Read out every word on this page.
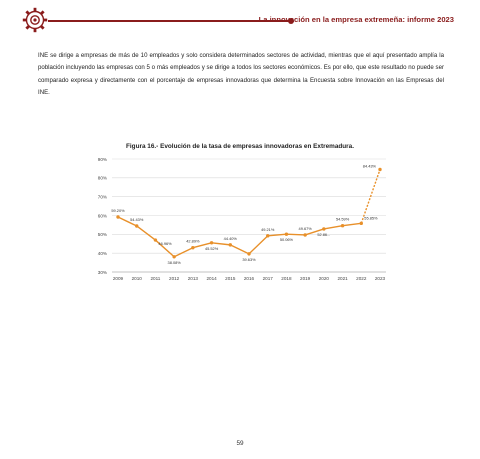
La innovación en la empresa extremeña: informe 2023
INE se dirige a empresas de más de 10 empleados y solo considera determinados sectores de actividad, mientras que el aquí presentado amplía la población incluyendo las empresas con 5 o más empleados y se dirige a todos los sectores económicos. Es por ello, que este resultado no puede ser comparado expresa y directamente con el porcentaje de empresas innovadoras que determina la Encuesta sobre Innovación en las Empresas del INE.
Figura 16.- Evolución de la tasa de empresas innovadoras en Extremadura.
30%
40%
50%
60%
70%
80%
90%
2009 2010 2011 2012 2013 2014 2015 2016 2017 2018 2019 2020 2021 2022 2023
59.20%
54.43%
46.96%
38.08%
42.89%
45.52%
44.40%
39.63%
49.21%
50.06%
49.67%
52.86...
54.59%	55.85%
84.43%
59
